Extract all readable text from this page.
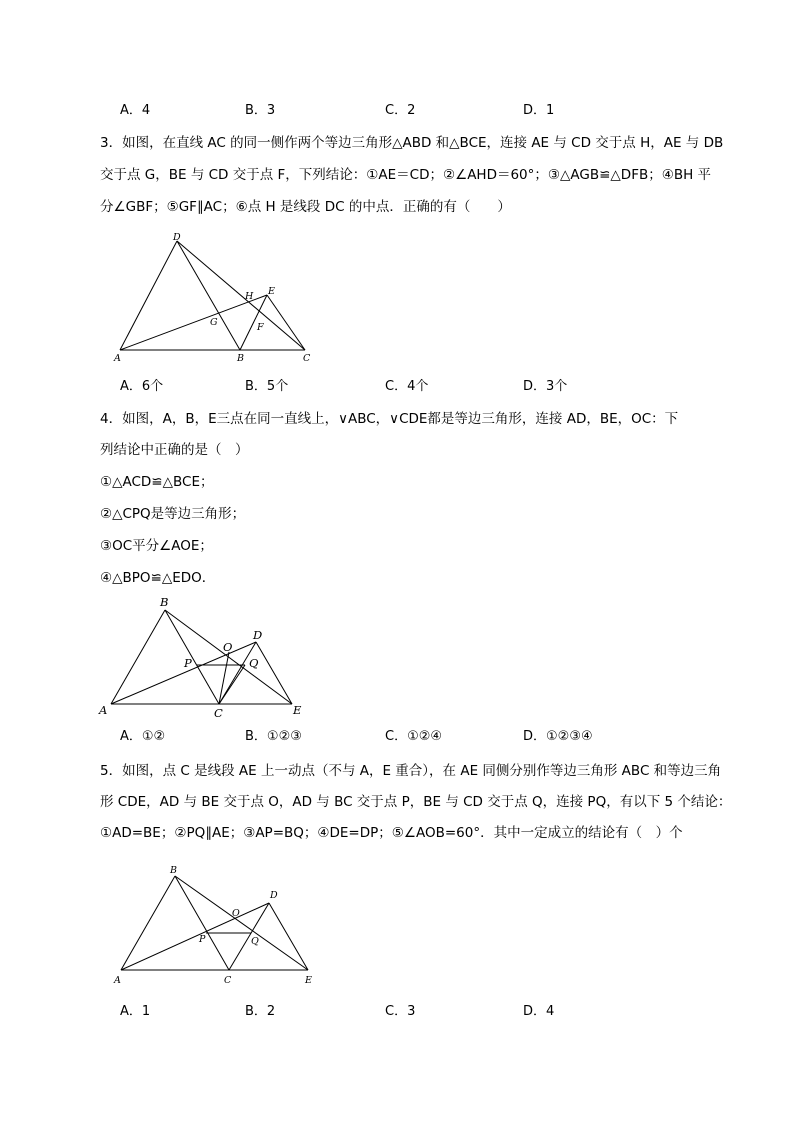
A．4	B．3	C．2	D．1
3．如图，在直线 AC 的同一侧作两个等边三角形△ABD 和△BCE，连接 AE 与 CD 交于点 H，AE 与 DB
交于点 G，BE 与 CD 交于点 F，下列结论：①AE＝CD；②∠AHD＝60°；③△AGB≌△DFB；④BH 平
分∠GBF；⑤GF∥AC；⑥点 H 是线段 DC 的中点．正确的有（　　）
A	B	C
D
E
F
G
H
A．6个	B．5个	C．4个	D．3个
4．如图，A，B，E三点在同一直线上，∨ABC，∨CDE都是等边三角形，连接 AD，BE，OC：下
列结论中正确的是（　）
①△ACD≌△BCE；
②△CPQ是等边三角形；
③OC平分∠AOE；
④△BPO≌△EDO．
A
B
C
D
E
O
P	Q
A．①②	B．①②③	C．①②④	D．①②③④
5．如图，点 C 是线段 AE 上一动点（不与 A，E 重合），在 AE 同侧分别作等边三角形 ABC 和等边三角
形 CDE，AD 与 BE 交于点 O，AD 与 BC 交于点 P，BE 与 CD 交于点 Q，连接 PQ，有以下 5 个结论：
①AD=BE；②PQ∥AE；③AP=BQ；④DE=DP；⑤∠AOB=60°．其中一定成立的结论有（　）个
A
B
C
D
E
O
P	Q
A．1	B．2	C．3	D．4
